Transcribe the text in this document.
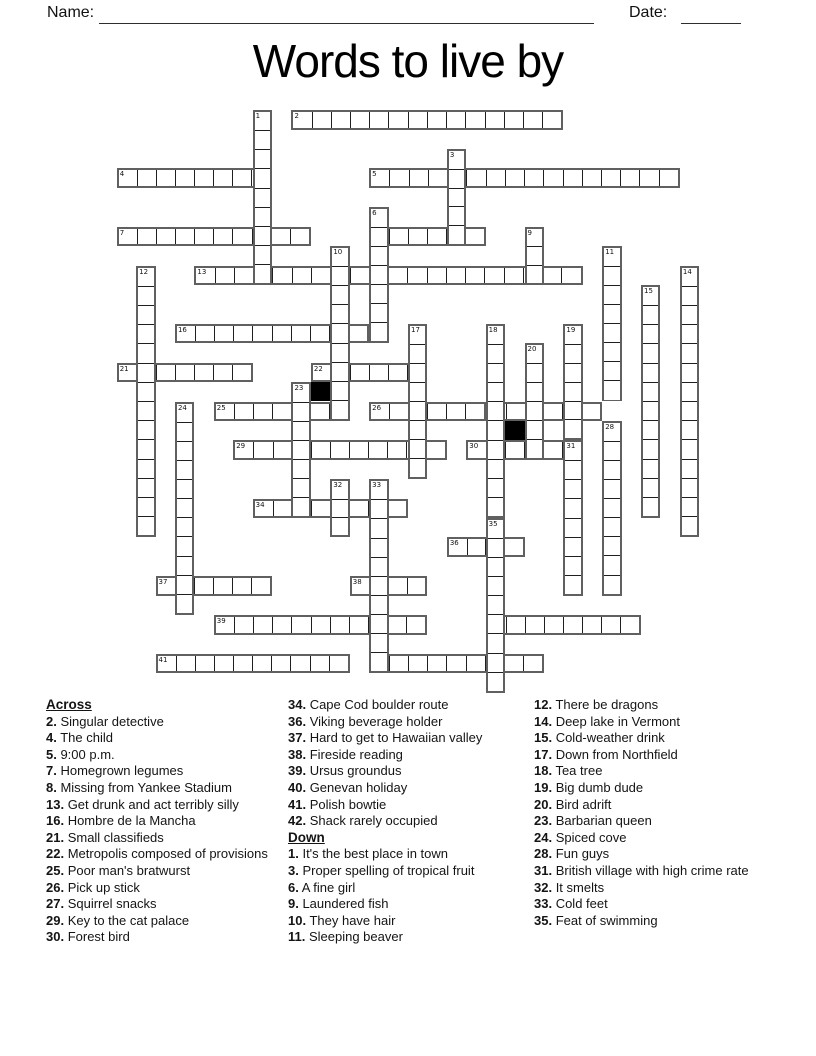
Name:	Date:
Words to live by
2
4	5
7
13
16
21	22
25	26
29	30
34
36
37	38
39
41
1
3
6
9
10	11
12	14
15
17	18	19
20
23
24
28
31
32	33
35
Across
2. Singular detective
4. The child
5. 9:00 p.m.
7. Homegrown legumes
8. Missing from Yankee Stadium
13. Get drunk and act terribly silly
16. Hombre de la Mancha
21. Small classifieds
22. Metropolis composed of provisions
25. Poor man's bratwurst
26. Pick up stick
27. Squirrel snacks
29. Key to the cat palace
30. Forest bird
34. Cape Cod boulder route
36. Viking beverage holder
37. Hard to get to Hawaiian valley
38. Fireside reading
39. Ursus groundus
40. Genevan holiday
41. Polish bowtie
42. Shack rarely occupied
Down
1. It's the best place in town
3. Proper spelling of tropical fruit
6. A fine girl
9. Laundered fish
10. They have hair
11. Sleeping beaver
12. There be dragons
14. Deep lake in Vermont
15. Cold-weather drink
17. Down from Northfield
18. Tea tree
19. Big dumb dude
20. Bird adrift
23. Barbarian queen
24. Spiced cove
28. Fun guys
31. British village with high crime rate
32. It smelts
33. Cold feet
35. Feat of swimming
